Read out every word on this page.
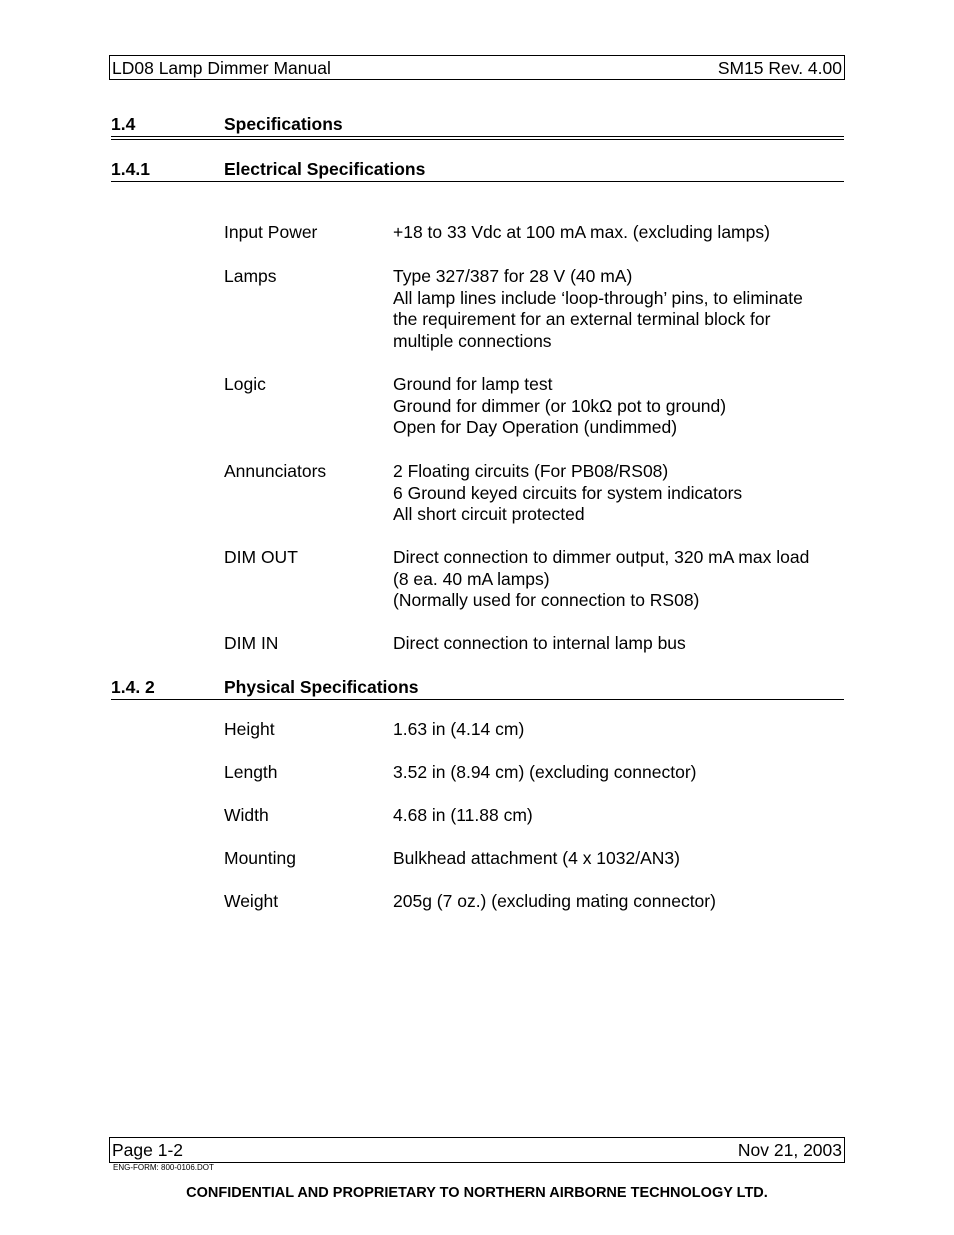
LD08 Lamp Dimmer Manual	SM15 Rev. 4.00
1.4	Specifications
1.4.1	Electrical Specifications
Input Power	+18 to 33 Vdc at 100 mA max. (excluding lamps)
Lamps	Type 327/387 for 28 V (40 mA)
All lamp lines include ‘loop-through’ pins, to eliminate
the requirement for an external terminal block for
multiple connections
Logic	Ground for lamp test
Ground for dimmer (or 10kΩ pot to ground)
Open for Day Operation (undimmed)
Annunciators	2 Floating circuits (For PB08/RS08)
6 Ground keyed circuits for system indicators
All short circuit protected
DIM OUT	Direct connection to dimmer output, 320 mA max load
(8 ea. 40 mA lamps)
(Normally used for connection to RS08)
DIM IN	Direct connection to internal lamp bus
1.4. 2	Physical Specifications
Height	1.63 in (4.14 cm)
Length	3.52 in (8.94 cm) (excluding connector)
Width	4.68 in (11.88 cm)
Mounting	Bulkhead attachment (4 x 1032/AN3)
Weight	205g (7 oz.) (excluding mating connector)
Page 1-2	Nov 21, 2003
ENG-FORM: 800-0106.DOT
CONFIDENTIAL AND PROPRIETARY TO NORTHERN AIRBORNE TECHNOLOGY LTD.
